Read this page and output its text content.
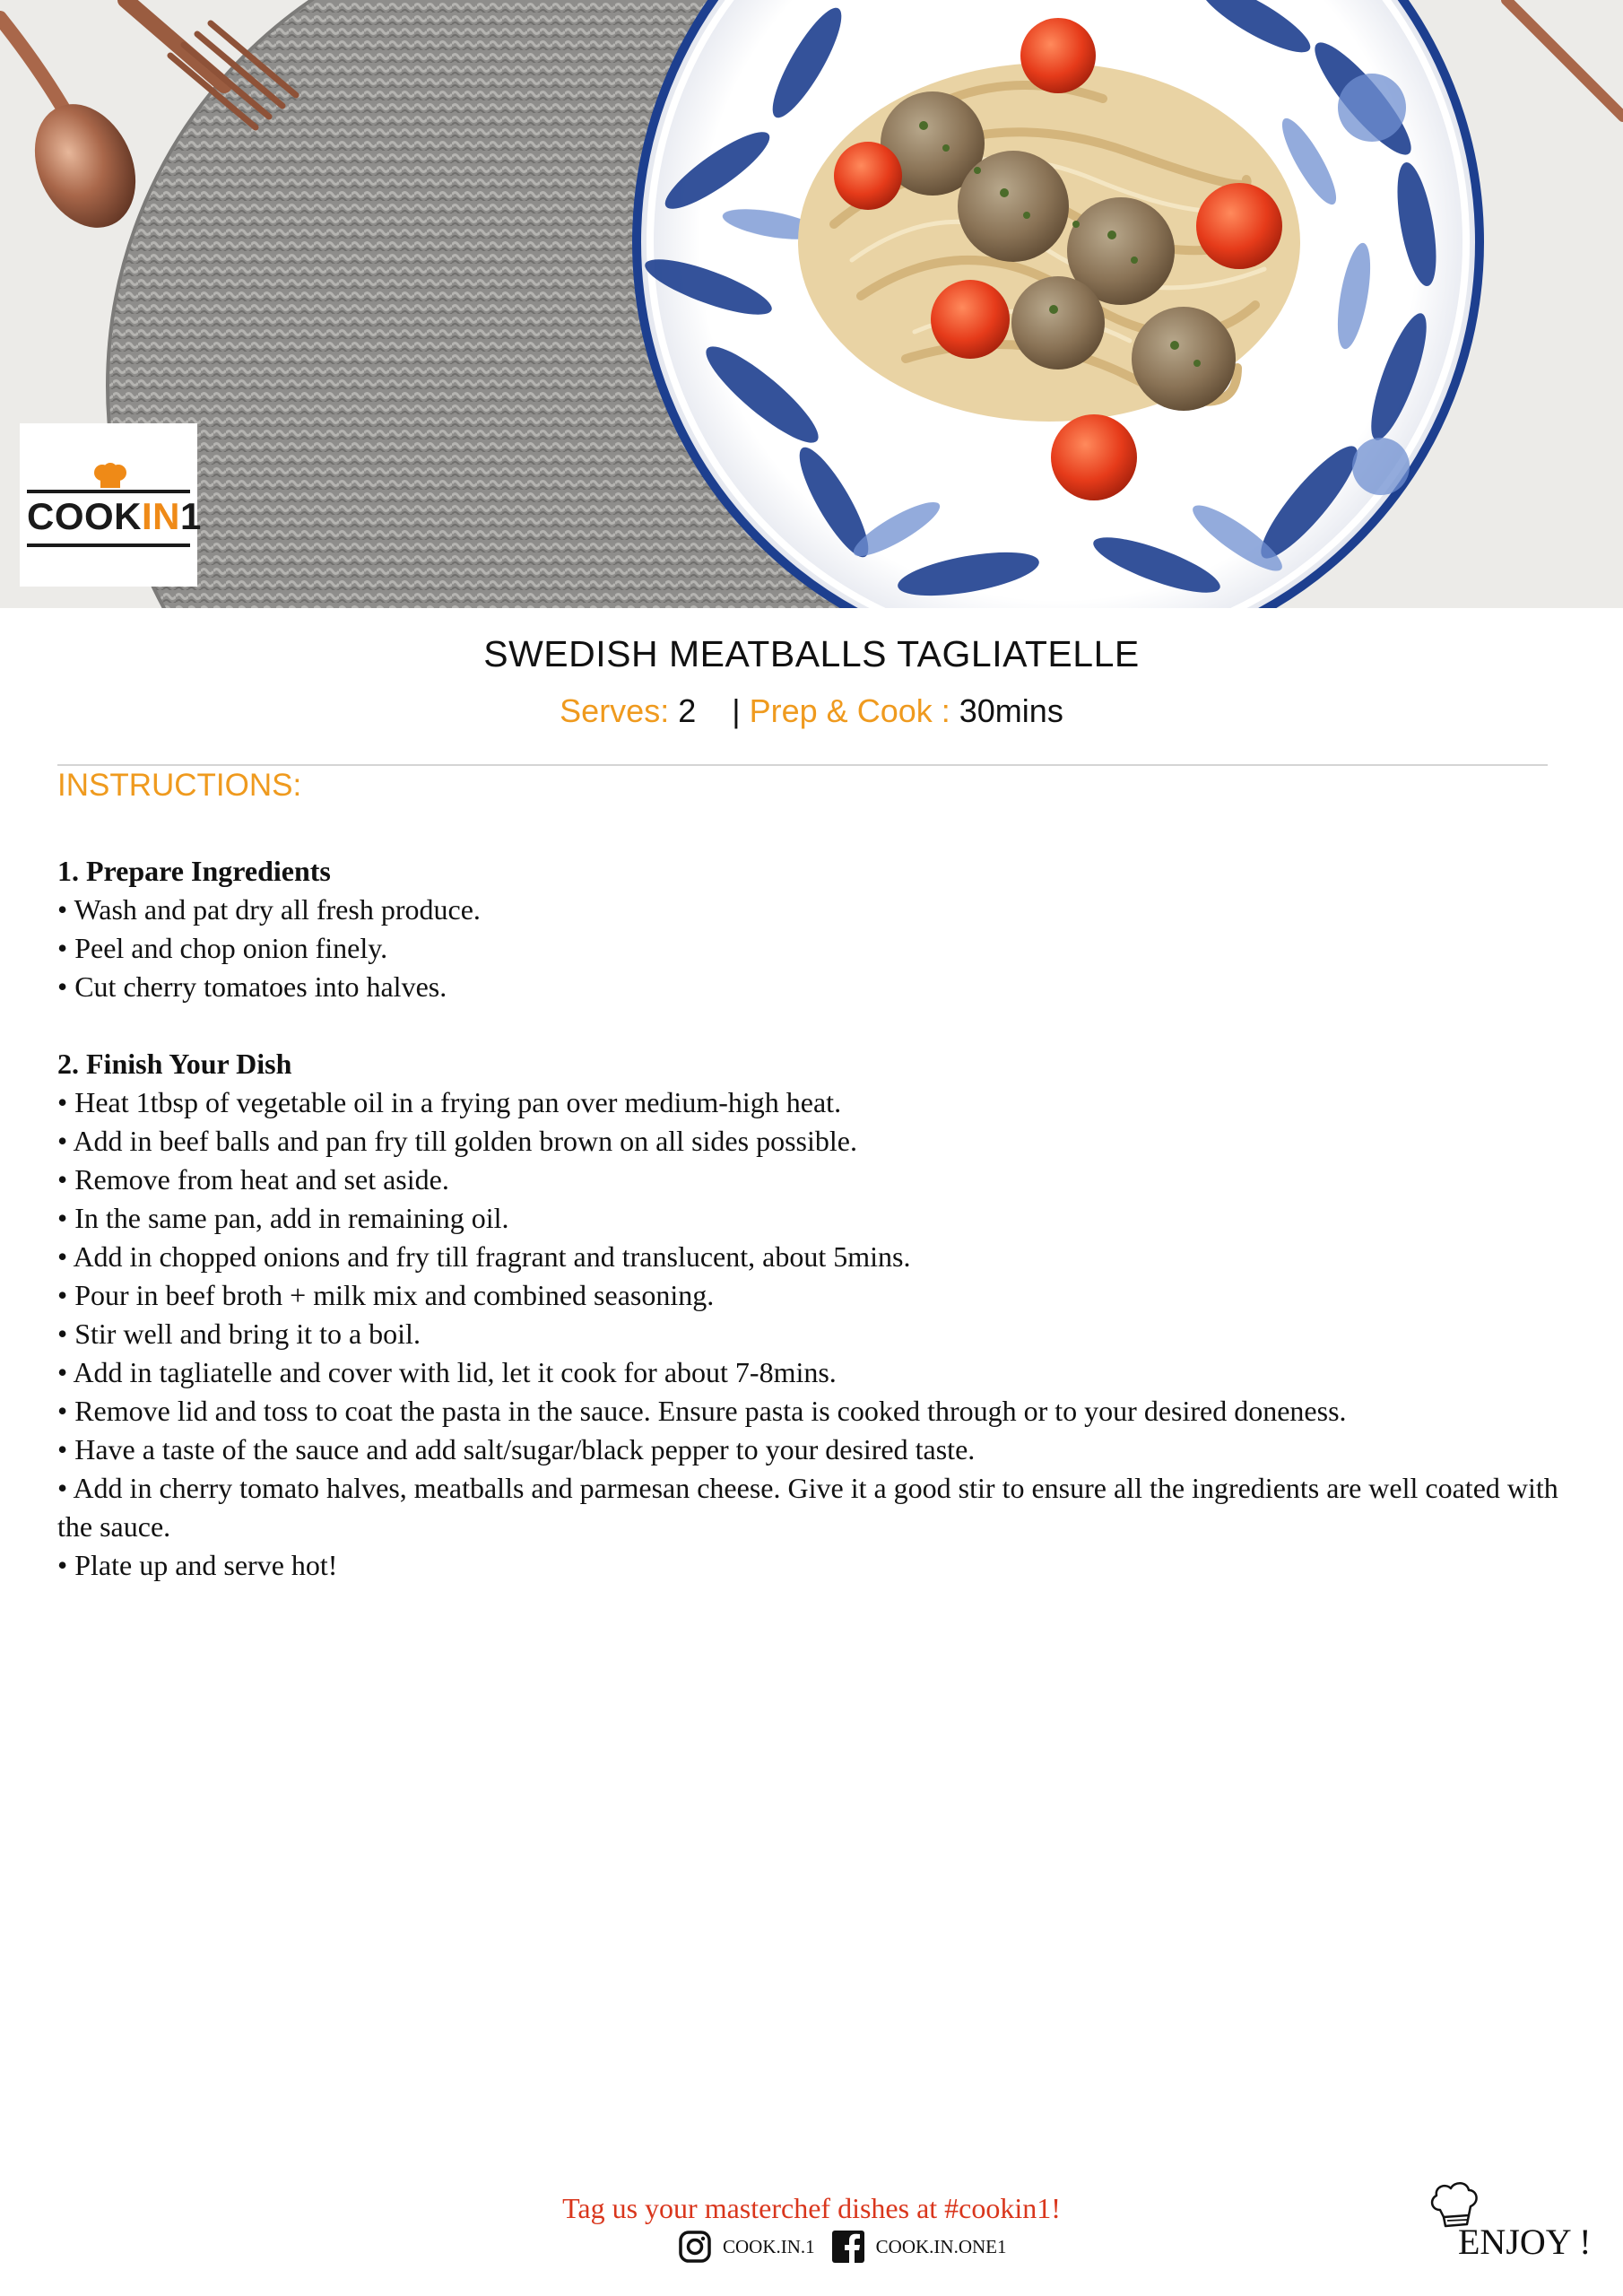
COOKIN1
SWEDISH MEATBALLS TAGLIATELLE
Serves: 2 | Prep & Cook : 30mins
INSTRUCTIONS:
1. Prepare Ingredients
• Wash and pat dry all fresh produce.
• Peel and chop onion finely.
• Cut cherry tomatoes into halves.
2. Finish Your Dish
• Heat 1tbsp of vegetable oil in a frying pan over medium-high heat.
• Add in beef balls and pan fry till golden brown on all sides possible.
• Remove from heat and set aside.
• In the same pan, add in remaining oil.
• Add in chopped onions and fry till fragrant and translucent, about 5mins.
• Pour in beef broth + milk mix and combined seasoning.
• Stir well and bring it to a boil.
• Add in tagliatelle and cover with lid, let it cook for about 7-8mins.
• Remove lid and toss to coat the pasta in the sauce. Ensure pasta is cooked through or to your desired doneness.
• Have a taste of the sauce and add salt/sugar/black pepper to your desired taste.
• Add in cherry tomato halves, meatballs and parmesan cheese. Give it a good stir to ensure all the ingredients are well coated with the sauce.
• Plate up and serve hot!
Tag us your masterchef dishes at #cookin1!
COOK.IN.1	COOK.IN.ONE1	ENJOY !
